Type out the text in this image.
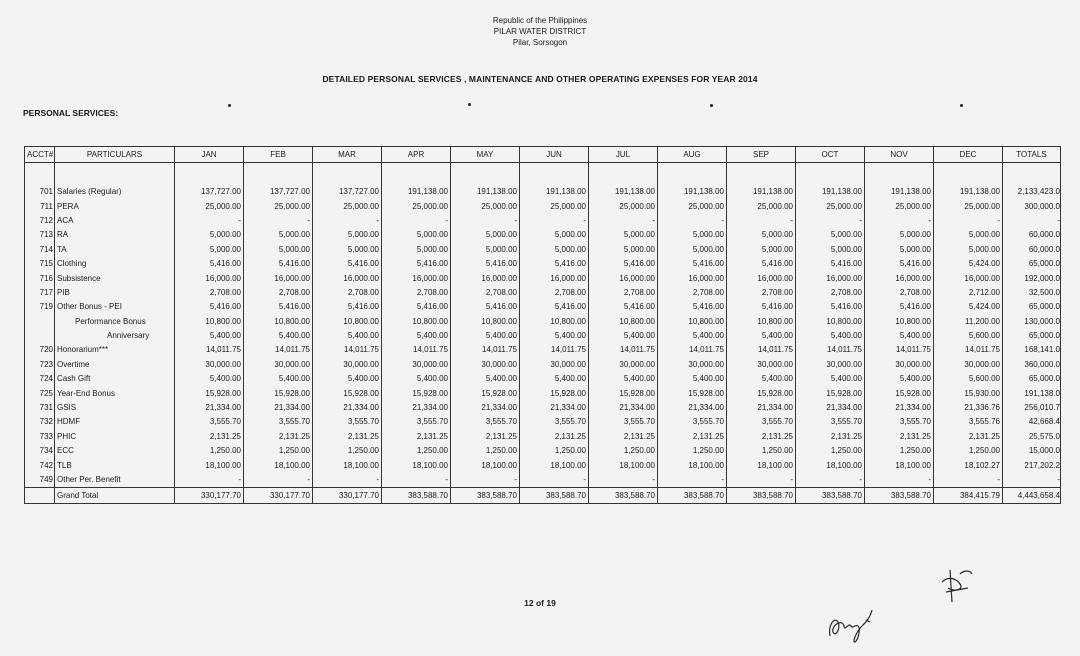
Republic of the Philippines
PILAR WATER DISTRICT
Pilar, Sorsogon
DETAILED PERSONAL SERVICES , MAINTENANCE AND OTHER OPERATING EXPENSES FOR YEAR 2014
PERSONAL SERVICES:
ACCT#	PARTICULARS	JAN	FEB	MAR	APR	MAY	JUN	JUL	AUG	SEP	OCT	NOV	DEC	TOTALS

701	Salaries (Regular)	137,727.00	137,727.00	137,727.00	191,138.00	191,138.00	191,138.00	191,138.00	191,138.00	191,138.00	191,138.00	191,138.00	191,138.00	2,133,423.0
711	PERA	25,000.00	25,000.00	25,000.00	25,000.00	25,000.00	25,000.00	25,000.00	25,000.00	25,000.00	25,000.00	25,000.00	25,000.00	300,000.0
712	ACA	-	-	-	-	-	-	-	-	-	-	-	-	-
713	RA	5,000.00	5,000.00	5,000.00	5,000.00	5,000.00	5,000.00	5,000.00	5,000.00	5,000.00	5,000.00	5,000.00	5,000.00	60,000.0
714	TA	5,000.00	5,000.00	5,000.00	5,000.00	5,000.00	5,000.00	5,000.00	5,000.00	5,000.00	5,000.00	5,000.00	5,000.00	60,000.0
715	Clothing	5,416.00	5,416.00	5,416.00	5,416.00	5,416.00	5,416.00	5,416.00	5,416.00	5,416.00	5,416.00	5,416.00	5,424.00	65,000.0
716	Subsistence	16,000.00	16,000.00	16,000.00	16,000.00	16,000.00	16,000.00	16,000.00	16,000.00	16,000.00	16,000.00	16,000.00	16,000.00	192,000.0
717	PIB	2,708.00	2,708.00	2,708.00	2,708.00	2,708.00	2,708.00	2,708.00	2,708.00	2,708.00	2,708.00	2,708.00	2,712.00	32,500.0
719	Other Bonus - PEI	5,416.00	5,416.00	5,416.00	5,416.00	5,416.00	5,416.00	5,416.00	5,416.00	5,416.00	5,416.00	5,416.00	5,424.00	65,000.0
	Performance Bonus	10,800.00	10,800.00	10,800.00	10,800.00	10,800.00	10,800.00	10,800.00	10,800.00	10,800.00	10,800.00	10,800.00	11,200.00	130,000.0
	Anniversary	5,400.00	5,400.00	5,400.00	5,400.00	5,400.00	5,400.00	5,400.00	5,400.00	5,400.00	5,400.00	5,400.00	5,600.00	65,000.0
720	Honorarium***	14,011.75	14,011.75	14,011.75	14,011.75	14,011.75	14,011.75	14,011.75	14,011.75	14,011.75	14,011.75	14,011.75	14,011.75	168,141.0
723	Overtime	30,000.00	30,000.00	30,000.00	30,000.00	30,000.00	30,000.00	30,000.00	30,000.00	30,000.00	30,000.00	30,000.00	30,000.00	360,000.0
724	Cash Gift	5,400.00	5,400.00	5,400.00	5,400.00	5,400.00	5,400.00	5,400.00	5,400.00	5,400.00	5,400.00	5,400.00	5,600.00	65,000.0
725	Year-End Bonus	15,928.00	15,928.00	15,928.00	15,928.00	15,928.00	15,928.00	15,928.00	15,928.00	15,928.00	15,928.00	15,928.00	15,930.00	191,138.0
731	GSIS	21,334.00	21,334.00	21,334.00	21,334.00	21,334.00	21,334.00	21,334.00	21,334.00	21,334.00	21,334.00	21,334.00	21,336.76	256,010.7
732	HDMF	3,555.70	3,555.70	3,555.70	3,555.70	3,555.70	3,555.70	3,555.70	3,555.70	3,555.70	3,555.70	3,555.70	3,555.76	42,668.4
733	PHIC	2,131.25	2,131.25	2,131.25	2,131.25	2,131.25	2,131.25	2,131.25	2,131.25	2,131.25	2,131.25	2,131.25	2,131.25	25,575.0
734	ECC	1,250.00	1,250.00	1,250.00	1,250.00	1,250.00	1,250.00	1,250.00	1,250.00	1,250.00	1,250.00	1,250.00	1,250.00	15,000.0
742	TLB	18,100.00	18,100.00	18,100.00	18,100.00	18,100.00	18,100.00	18,100.00	18,100.00	18,100.00	18,100.00	18,100.00	18,102.27	217,202.2
749	Other Per. Benefit	-	-	-	-	-	-	-	-	-	-	-	-	-
	Grand Total	330,177.70	330,177.70	330,177.70	383,588.70	383,588.70	383,588.70	383,588.70	383,588.70	383,588.70	383,588.70	383,588.70	384,415.79	4,443,658.4
12 of 19
